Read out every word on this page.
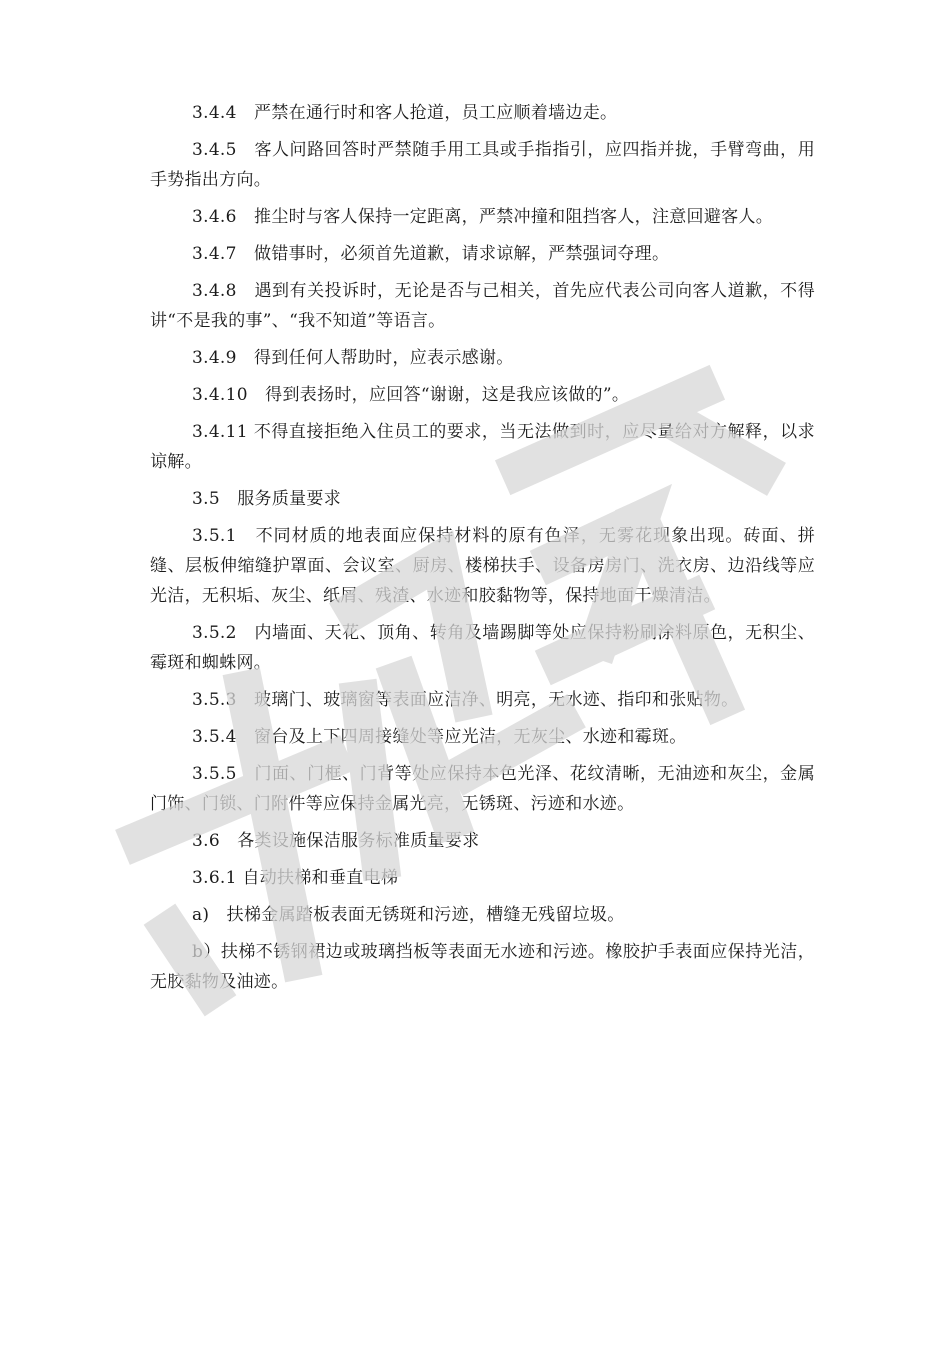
3.4.4　严禁在通行时和客人抢道，员工应顺着墙边走。

3.4.5　客人问路回答时严禁随手用工具或手指指引，应四指并拢，手臂弯曲，用手势指出方向。

3.4.6　推尘时与客人保持一定距离，严禁冲撞和阻挡客人，注意回避客人。

3.4.7　做错事时，必须首先道歉，请求谅解，严禁强词夺理。

3.4.8　遇到有关投诉时，无论是否与己相关，首先应代表公司向客人道歉，不得讲“不是我的事”、“我不知道”等语言。

3.4.9　得到任何人帮助时，应表示感谢。

3.4.10　得到表扬时，应回答“谢谢，这是我应该做的”。

3.4.11 不得直接拒绝入住员工的要求，当无法做到时，应尽量给对方解释，以求谅解。

3.5　服务质量要求

3.5.1　不同材质的地表面应保持材料的原有色泽，无雾花现象出现。砖面、拼缝、层板伸缩缝护罩面、会议室、厨房、楼梯扶手、设备房房门、洗衣房、边沿线等应光洁，无积垢、灰尘、纸屑、残渣、水迹和胶黏物等，保持地面干燥清洁。

3.5.2　内墙面、天花、顶角、转角及墙踢脚等处应保持粉刷涂料原色，无积尘、霉斑和蜘蛛网。

3.5.3　玻璃门、玻璃窗等表面应洁净、明亮，无水迹、指印和张贴物。

3.5.4　窗台及上下四周接缝处等应光洁，无灰尘、水迹和霉斑。

3.5.5　门面、门框、门背等处应保持本色光泽、花纹清晰，无油迹和灰尘，金属门饰、门锁、门附件等应保持金属光亮，无锈斑、污迹和水迹。

3.6　各类设施保洁服务标准质量要求

3.6.1 自动扶梯和垂直电梯

a)　扶梯金属踏板表面无锈斑和污迹，槽缝无残留垃圾。

b）扶梯不锈钢裙边或玻璃挡板等表面无水迹和污迹。橡胶护手表面应保持光洁，无胶黏物及油迹。
